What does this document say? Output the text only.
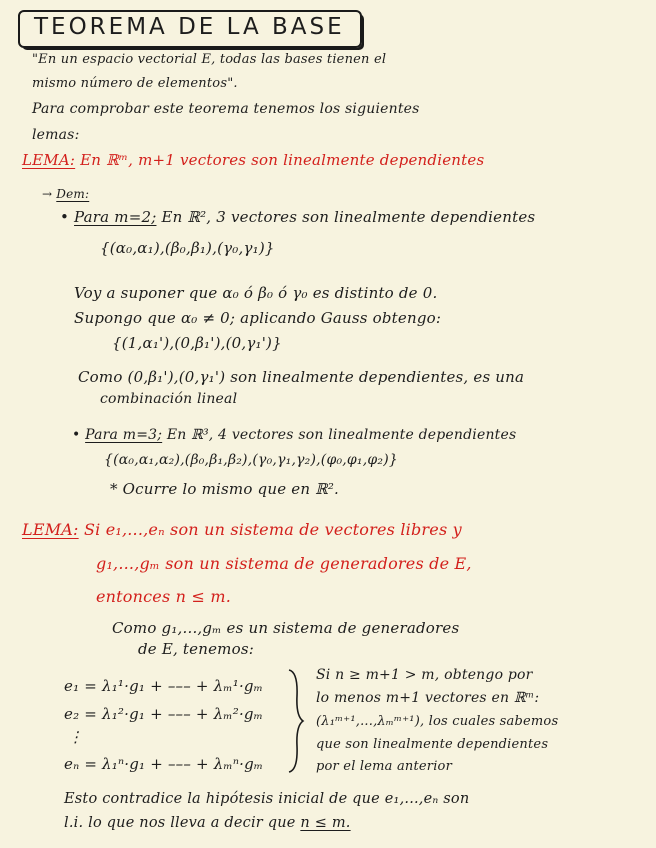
TEOREMA DE LA BASE
"En un espacio vectorial E, todas las bases tienen el
mismo número de elementos".
Para comprobar este teorema tenemos los siguientes
lemas:
LEMA: En ℝᵐ, m+1 vectores son linealmente dependientes
→ Dem:
• Para m=2; En ℝ², 3 vectores son linealmente dependientes
{(α₀,α₁),(β₀,β₁),(γ₀,γ₁)}
Voy a suponer que α₀ ó β₀ ó γ₀ es distinto de 0.
Supongo que α₀ ≠ 0; aplicando Gauss obtengo:
{(1,α₁'),(0,β₁'),(0,γ₁')}
Como (0,β₁'),(0,γ₁') son linealmente dependientes, es una
combinación lineal
• Para m=3; En ℝ³, 4 vectores son linealmente dependientes
{(α₀,α₁,α₂),(β₀,β₁,β₂),(γ₀,γ₁,γ₂),(φ₀,φ₁,φ₂)}
* Ocurre lo mismo que en ℝ².
LEMA: Si e₁,...,eₙ son un sistema de vectores libres y
g₁,...,gₘ son un sistema de generadores de E,
entonces n ≤ m.
Como g₁,...,gₘ es un sistema de generadores
de E, tenemos:
e₁ = λ₁¹·g₁ + ––– + λₘ¹·gₘ
e₂ = λ₁²·g₁ + ––– + λₘ²·gₘ
⋮
eₙ = λ₁ⁿ·g₁ + ––– + λₘⁿ·gₘ
Si n ≥ m+1 > m, obtengo por
lo menos m+1 vectores en ℝᵐ:
(λ₁ᵐ⁺¹,...,λₘᵐ⁺¹), los cuales sabemos
que son linealmente dependientes
por el lema anterior
Esto contradice la hipótesis inicial de que e₁,...,eₙ son
l.i. lo que nos lleva a decir que n ≤ m.
